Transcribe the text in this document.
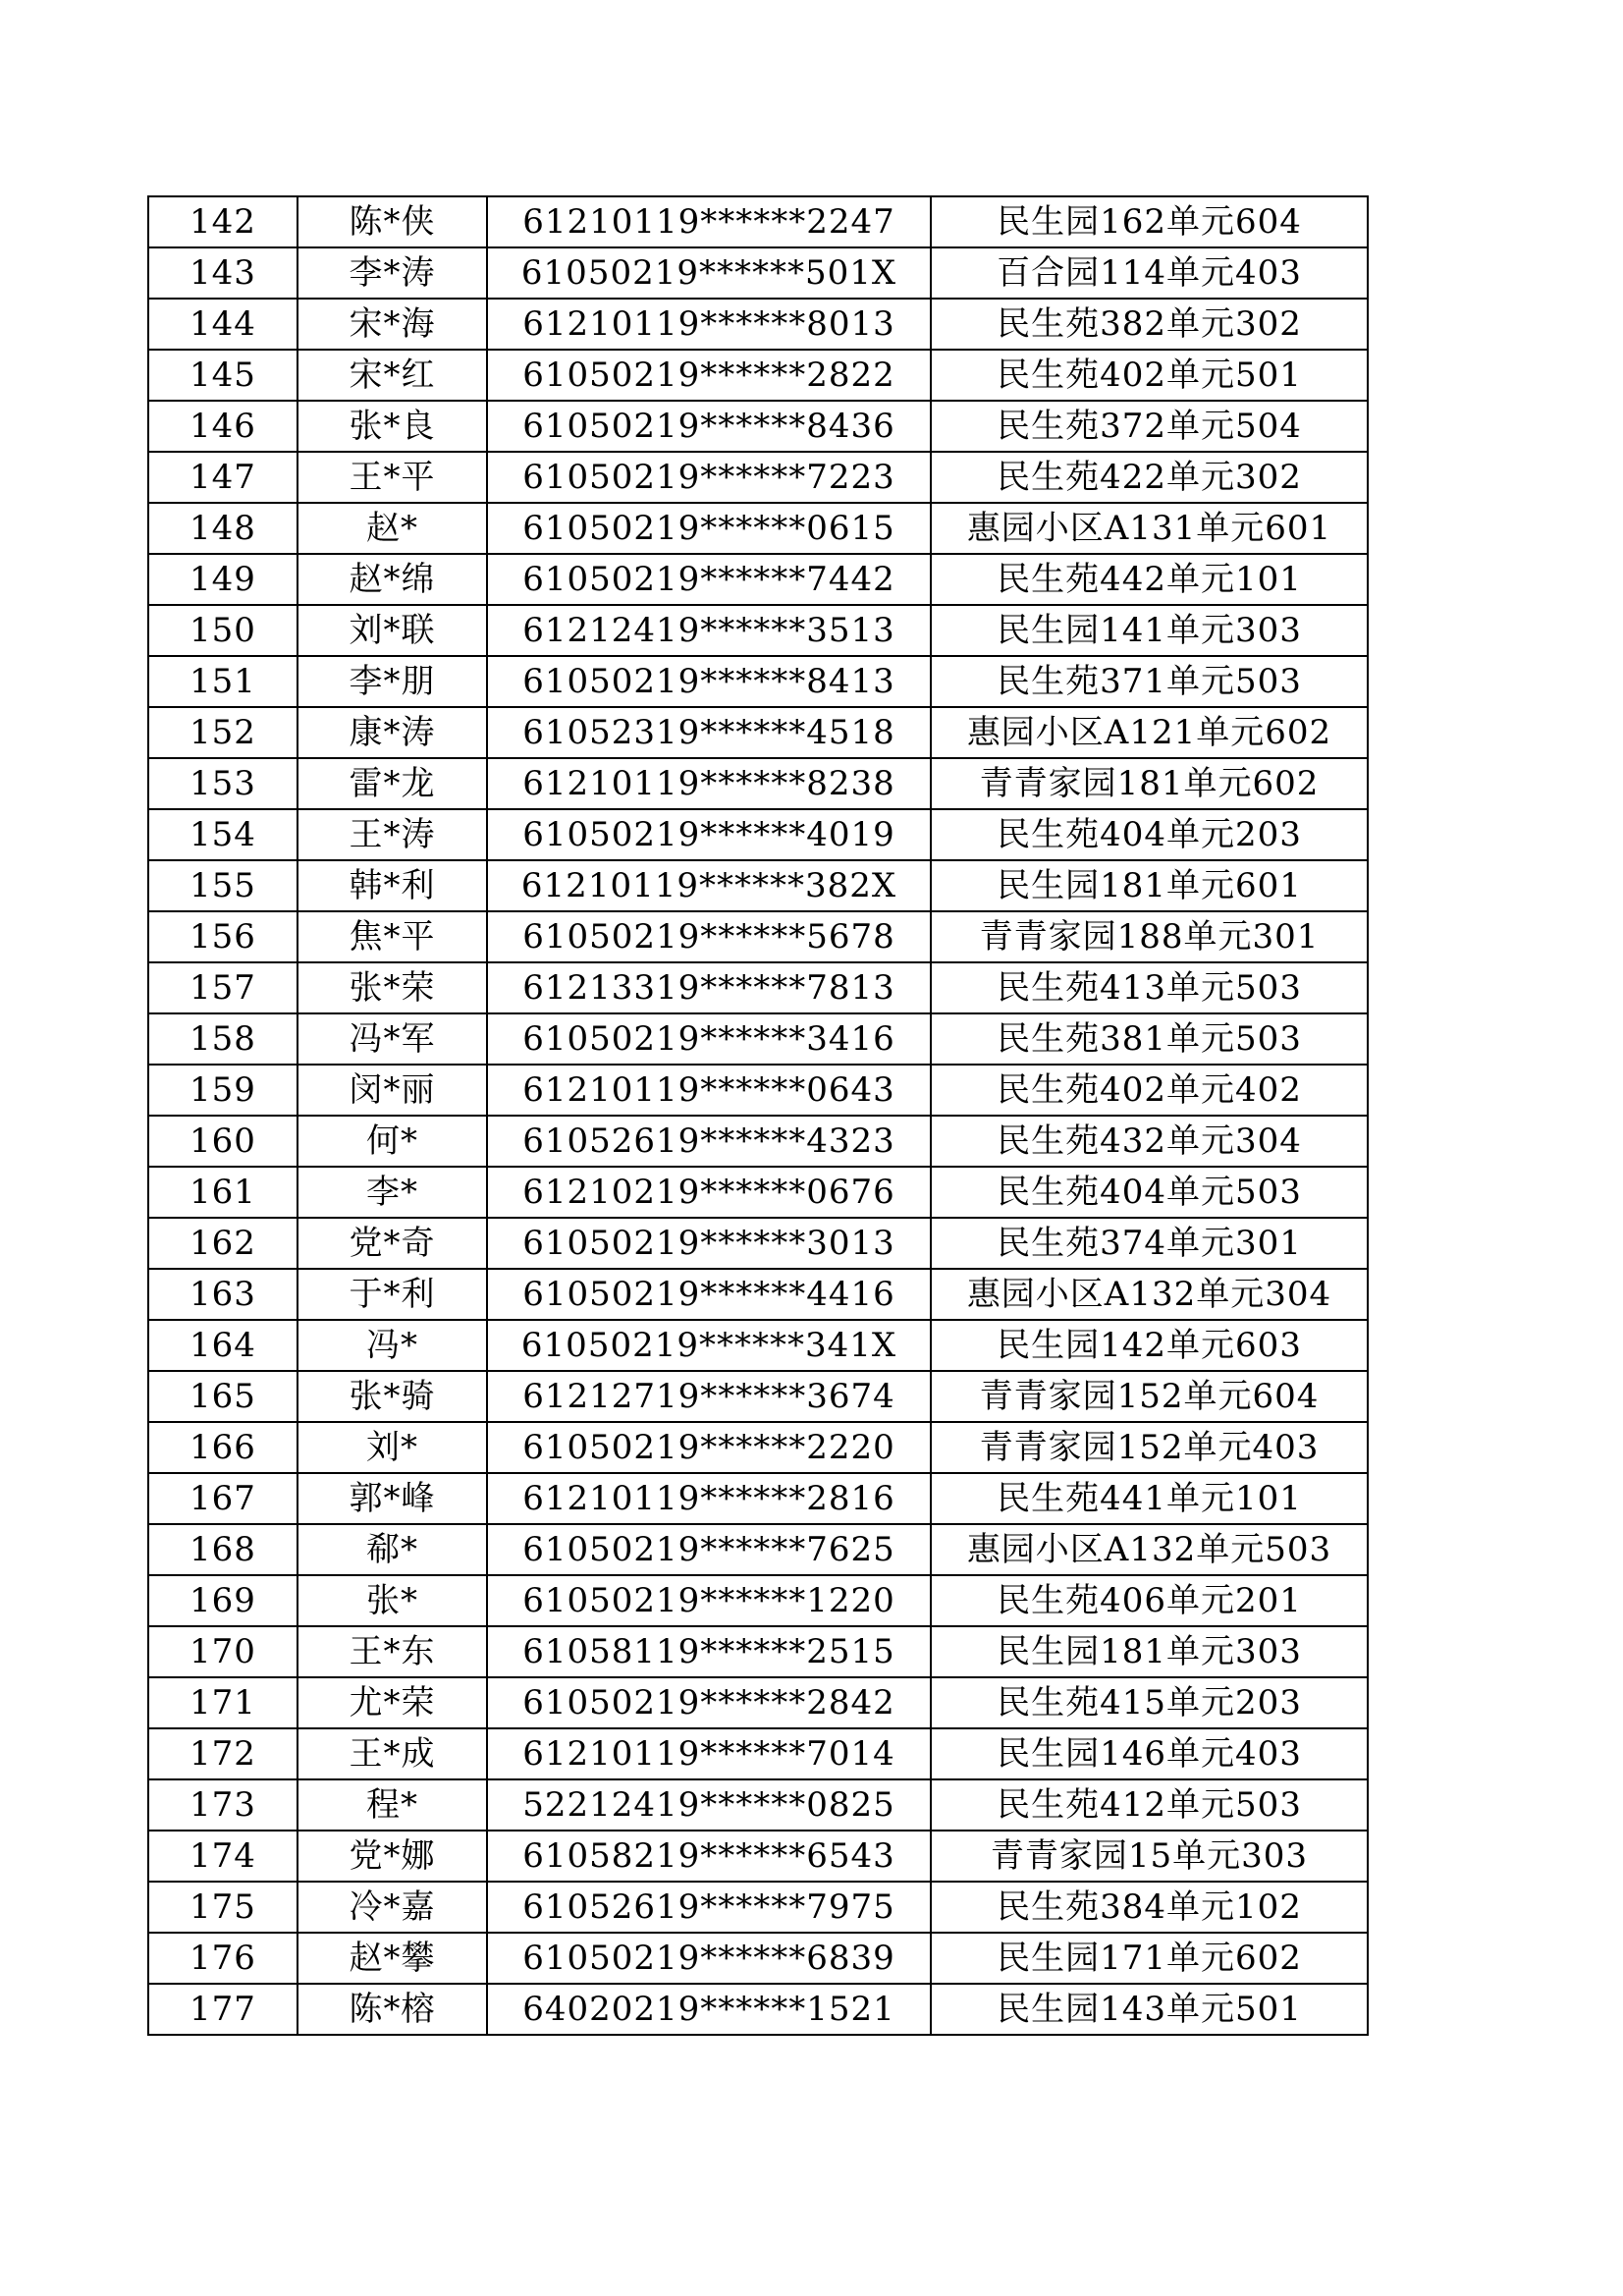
142	陈*侠	61210119******2247	民生园162单元604
143	李*涛	61050219******501X	百合园114单元403
144	宋*海	61210119******8013	民生苑382单元302
145	宋*红	61050219******2822	民生苑402单元501
146	张*良	61050219******8436	民生苑372单元504
147	王*平	61050219******7223	民生苑422单元302
148	赵*	61050219******0615	惠园小区A131单元601
149	赵*绵	61050219******7442	民生苑442单元101
150	刘*联	61212419******3513	民生园141单元303
151	李*朋	61050219******8413	民生苑371单元503
152	康*涛	61052319******4518	惠园小区A121单元602
153	雷*龙	61210119******8238	青青家园181单元602
154	王*涛	61050219******4019	民生苑404单元203
155	韩*利	61210119******382X	民生园181单元601
156	焦*平	61050219******5678	青青家园188单元301
157	张*荣	61213319******7813	民生苑413单元503
158	冯*军	61050219******3416	民生苑381单元503
159	闵*丽	61210119******0643	民生苑402单元402
160	何*	61052619******4323	民生苑432单元304
161	李*	61210219******0676	民生苑404单元503
162	党*奇	61050219******3013	民生苑374单元301
163	于*利	61050219******4416	惠园小区A132单元304
164	冯*	61050219******341X	民生园142单元603
165	张*骑	61212719******3674	青青家园152单元604
166	刘*	61050219******2220	青青家园152单元403
167	郭*峰	61210119******2816	民生苑441单元101
168	郗*	61050219******7625	惠园小区A132单元503
169	张*	61050219******1220	民生苑406单元201
170	王*东	61058119******2515	民生园181单元303
171	尤*荣	61050219******2842	民生苑415单元203
172	王*成	61210119******7014	民生园146单元403
173	程*	52212419******0825	民生苑412单元503
174	党*娜	61058219******6543	青青家园15单元303
175	冷*嘉	61052619******7975	民生苑384单元102
176	赵*攀	61050219******6839	民生园171单元602
177	陈*榕	64020219******1521	民生园143单元501
